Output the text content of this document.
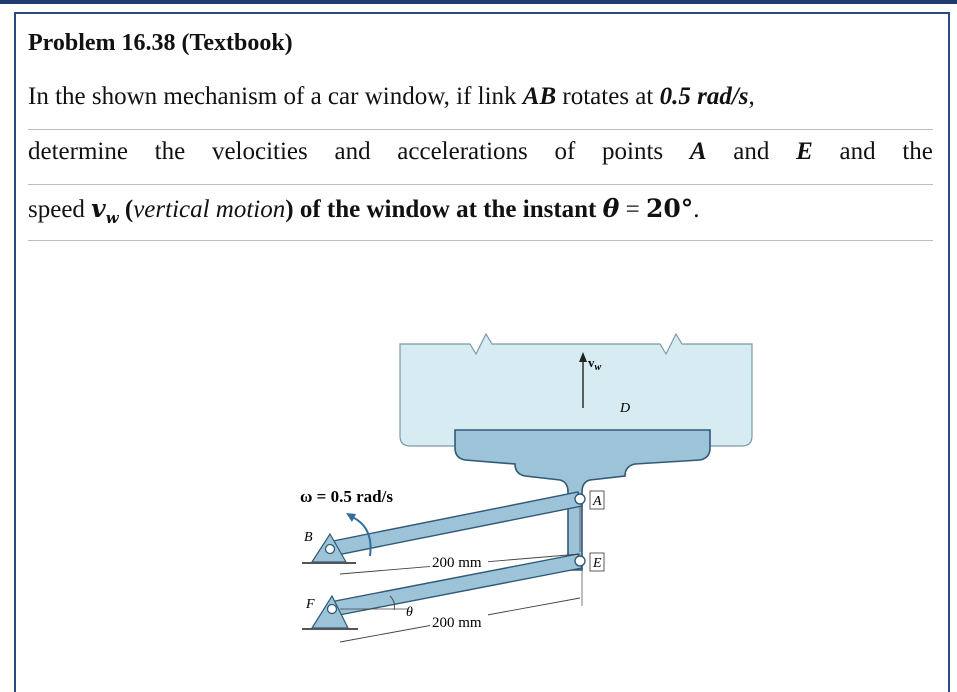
Problem 16.38 (Textbook)
In the shown mechanism of a car window, if link AB rotates at 0.5 rad/s,
determine the velocities and accelerations of points A and E and the
speed $v_w$ (vertical motion) of the window at the instant θ = 20°.
$v_w$
D
ω = 0.5 rad/s	A
E
B
F
200 mm
200 mm
θ
